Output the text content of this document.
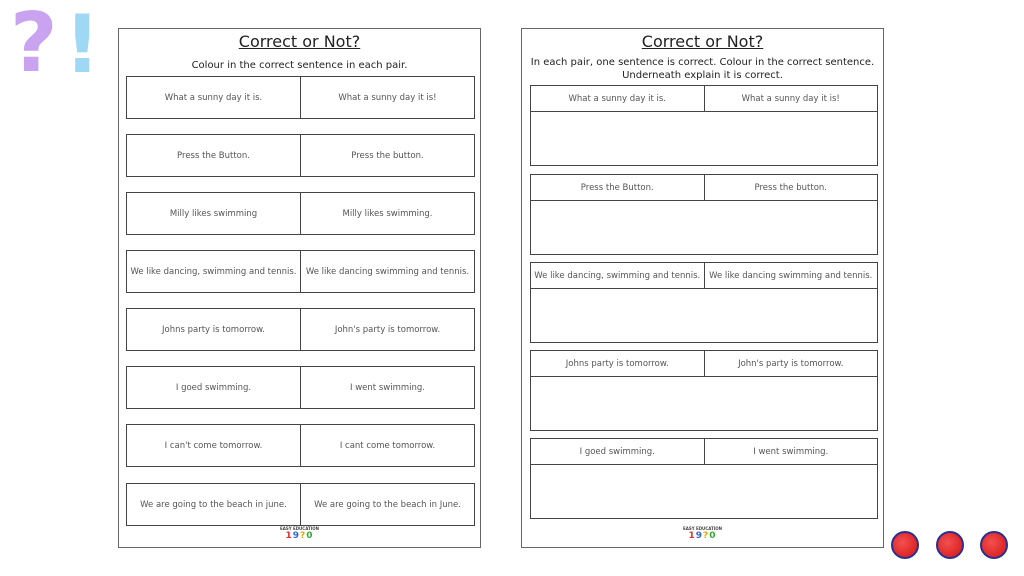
? !	Correct or Not?
Colour in the correct sentence in each pair.
What a sunny day it is.	What a sunny day it is!
Press the Button.	Press the button.
Milly likes swimming	Milly likes swimming.
We like dancing, swimming and tennis.	We like dancing swimming and tennis.
Johns party is tomorrow.	John's party is tomorrow.
I goed swimming.	I went swimming.
I can't come tomorrow.	I cant come tomorrow.
We are going to the beach in june.	We are going to the beach in June.
EASY EDUCATION
19?0
Correct or Not?
In each pair, one sentence is correct. Colour in the correct sentence.
Underneath explain it is correct.
What a sunny day it is.	What a sunny day it is!
Press the Button.	Press the button.
We like dancing, swimming and tennis.	We like dancing swimming and tennis.
Johns party is tomorrow.	John's party is tomorrow.
I goed swimming.	I went swimming.
EASY EDUCATION
19?0
